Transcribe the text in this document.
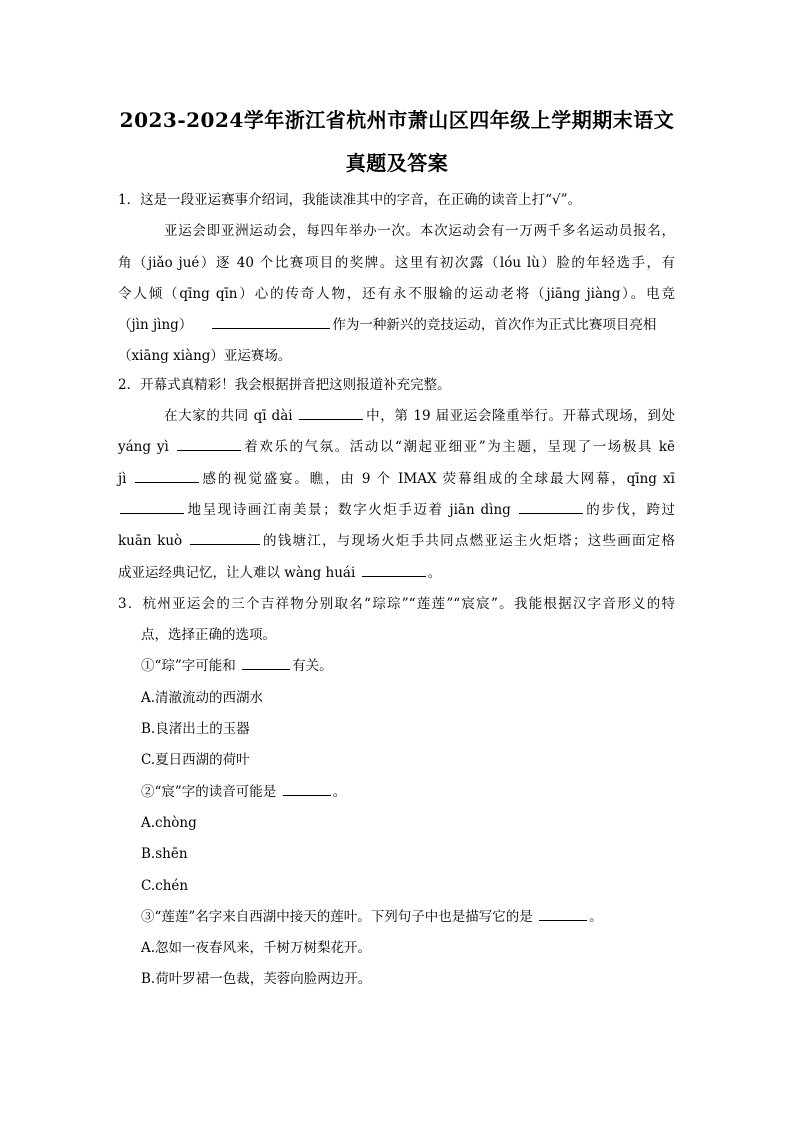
2023-2024学年浙江省杭州市萧山区四年级上学期期末语文
真题及答案
1．这是一段亚运赛事介绍词，我能读准其中的字音，在正确的读音上打“√”。
亚运会即亚洲运动会，每四年举办一次。本次运动会有一万两千多名运动员报名，
角（jiǎo jué）逐 40 个比赛项目的奖牌。这里有初次露（lóu lù）脸的年轻选手，有
令人倾（qīng qīn）心的传奇人物，还有永不服输的运动老将（jiāng jiàng）。电竞
（jìn jìng）	作为一种新兴的竞技运动，首次作为正式比赛项目亮相
（xiāng xiàng）亚运赛场。
2．开幕式真精彩！我会根据拼音把这则报道补充完整。
在大家的共同 qī dài	中，第 19 届亚运会隆重举行。开幕式现场，到处
yáng yì	着欢乐的气氛。活动以“潮起亚细亚”为主题，呈现了一场极具 kē
jì	感的视觉盛宴。瞧，由 9 个 IMAX 荧幕组成的全球最大网幕，qīng xī
地呈现诗画江南美景；数字火炬手迈着 jiān dìng	的步伐，跨过
kuān kuò	的钱塘江，与现场火炬手共同点燃亚运主火炬塔；这些画面定格
成亚运经典记忆，让人难以 wàng huái	。
3．杭州亚运会的三个吉祥物分别取名“琮琮”“莲莲”“宸宸”。我能根据汉字音形义的特
点，选择正确的选项。
①“琮”字可能和	有关。
A.清澈流动的西湖水
B.良渚出土的玉器
C.夏日西湖的荷叶
②“宸”字的读音可能是	。
A.chòng
B.shēn
C.chén
③“莲莲”名字来自西湖中接天的莲叶。下列句子中也是描写它的是	。
A.忽如一夜春风来，千树万树梨花开。
B.荷叶罗裙一色裁，芙蓉向脸两边开。
